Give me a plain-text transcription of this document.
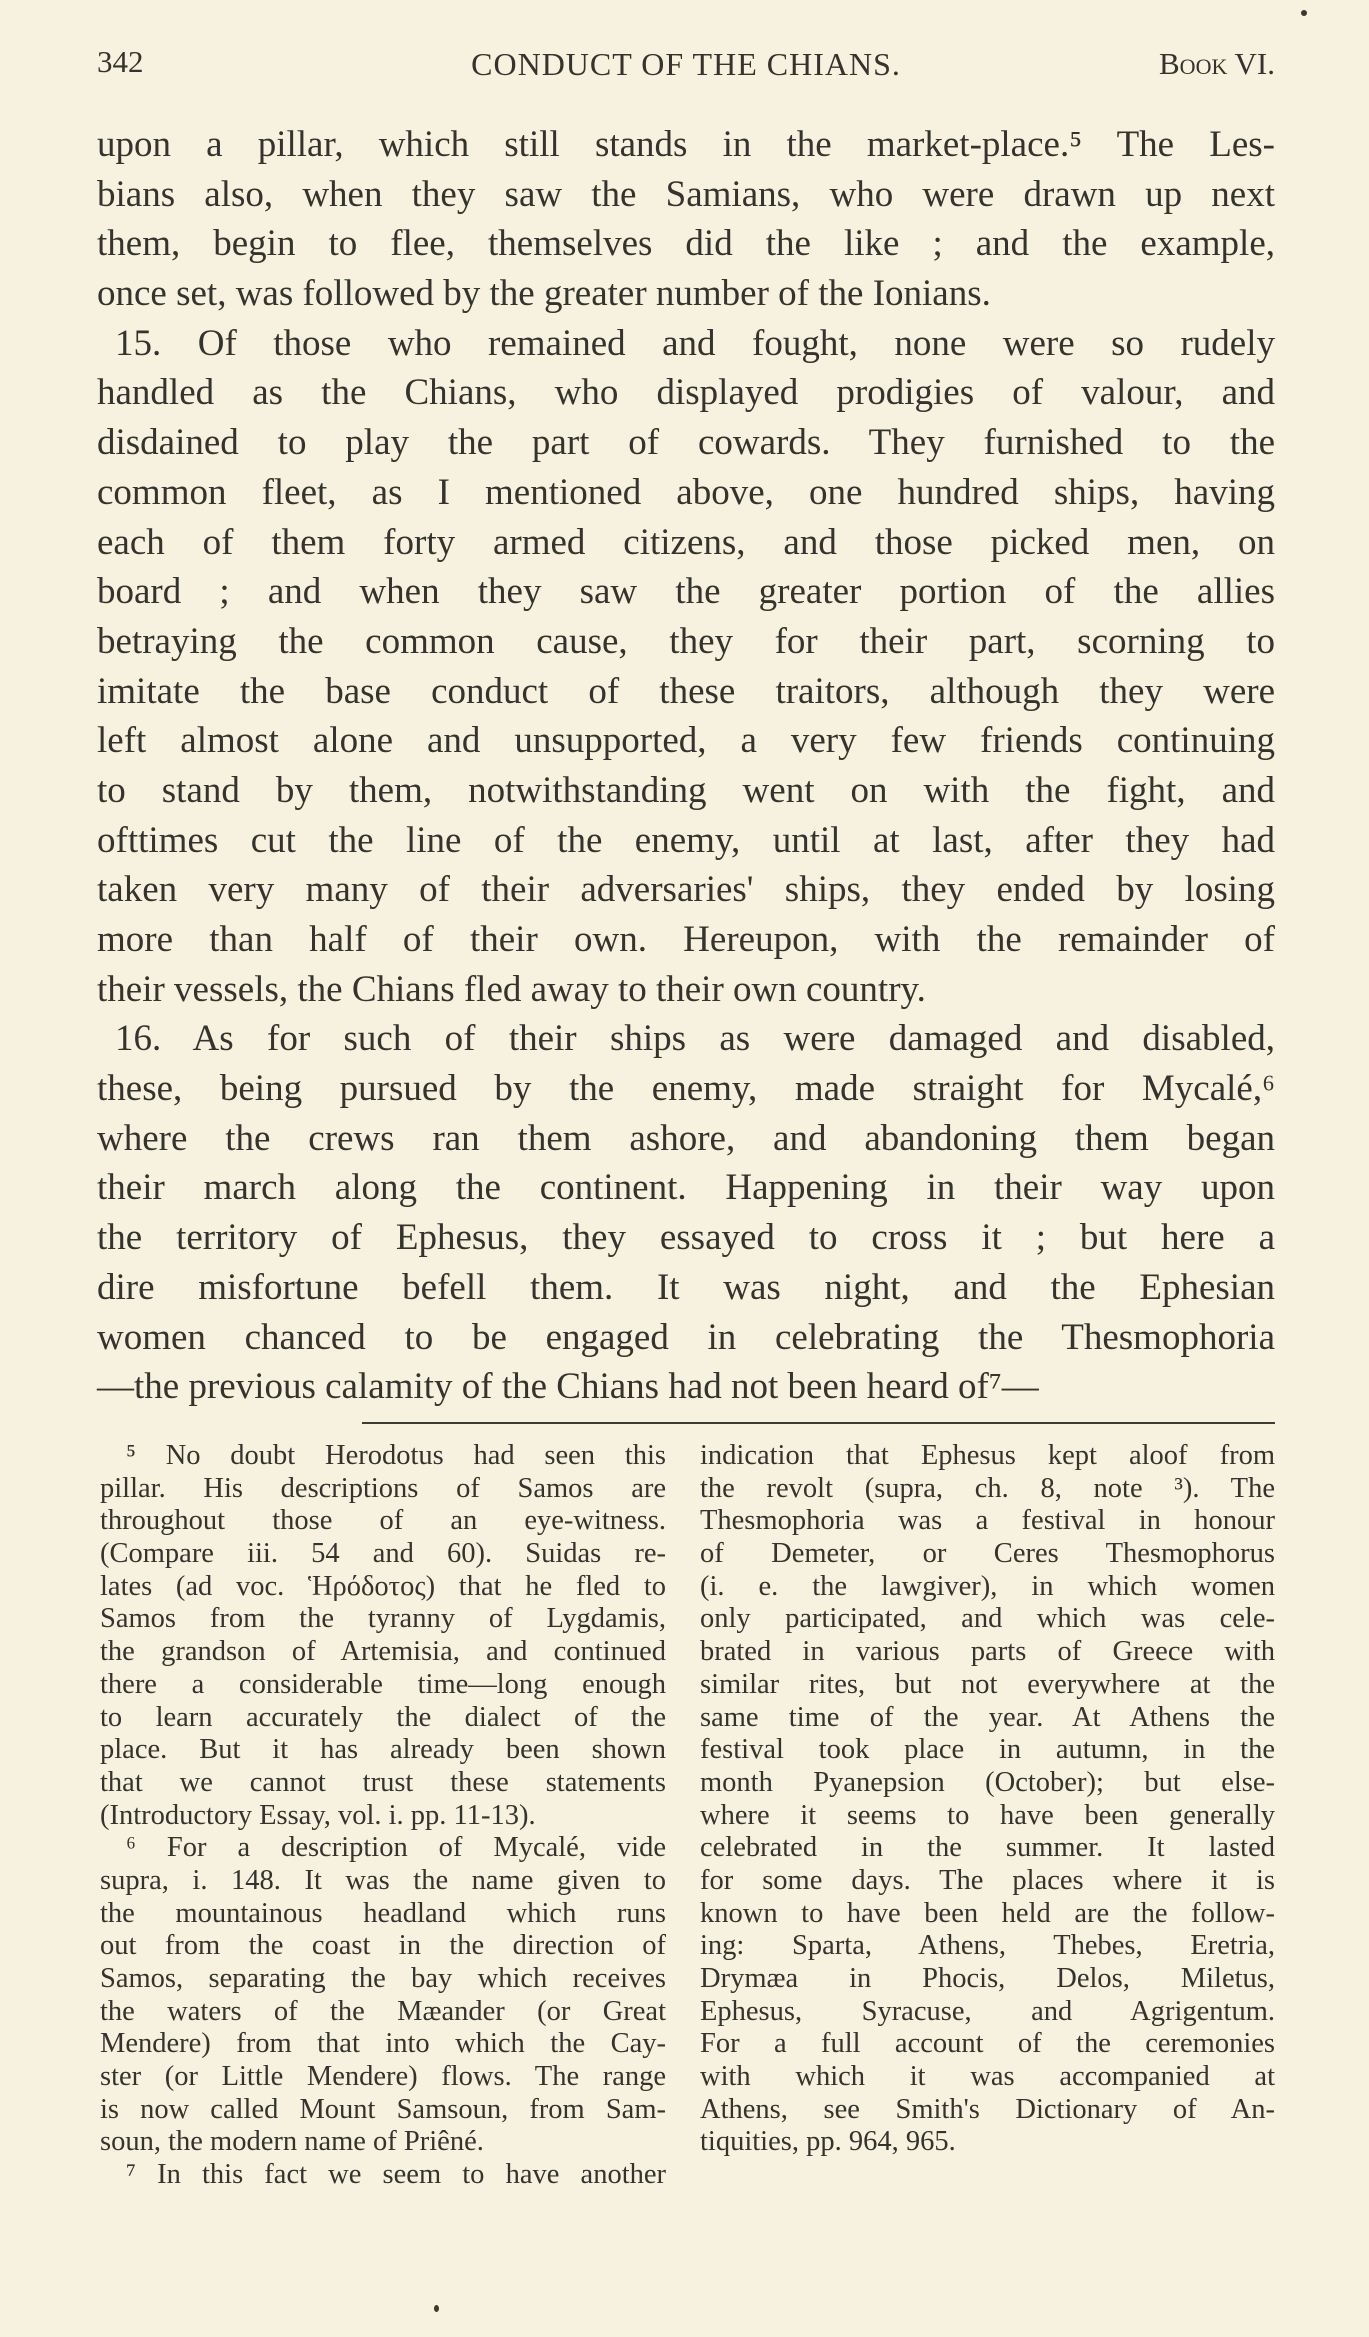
342	CONDUCT OF THE CHIANS.	Book VI.
upon a pillar, which still stands in the market-place.⁵ The Les-
bians also, when they saw the Samians, who were drawn up next
them, begin to flee, themselves did the like ; and the example,
once set, was followed by the greater number of the Ionians.
15. Of those who remained and fought, none were so rudely
handled as the Chians, who displayed prodigies of valour, and
disdained to play the part of cowards. They furnished to the
common fleet, as I mentioned above, one hundred ships, having
each of them forty armed citizens, and those picked men, on
board ; and when they saw the greater portion of the allies
betraying the common cause, they for their part, scorning to
imitate the base conduct of these traitors, although they were
left almost alone and unsupported, a very few friends continuing
to stand by them, notwithstanding went on with the fight, and
ofttimes cut the line of the enemy, until at last, after they had
taken very many of their adversaries' ships, they ended by losing
more than half of their own. Hereupon, with the remainder of
their vessels, the Chians fled away to their own country.
16. As for such of their ships as were damaged and disabled,
these, being pursued by the enemy, made straight for Mycalé,⁶
where the crews ran them ashore, and abandoning them began
their march along the continent. Happening in their way upon
the territory of Ephesus, they essayed to cross it ; but here a
dire misfortune befell them. It was night, and the Ephesian
women chanced to be engaged in celebrating the Thesmophoria
—the previous calamity of the Chians had not been heard of⁷—
⁵ No doubt Herodotus had seen this
pillar. His descriptions of Samos are
throughout those of an eye-witness.
(Compare iii. 54 and 60). Suidas re-
lates (ad voc. Ἡρόδοτος) that he fled to
Samos from the tyranny of Lygdamis,
the grandson of Artemisia, and continued
there a considerable time—long enough
to learn accurately the dialect of the
place. But it has already been shown
that we cannot trust these statements
(Introductory Essay, vol. i. pp. 11-13).
⁶ For a description of Mycalé, vide
supra, i. 148. It was the name given to
the mountainous headland which runs
out from the coast in the direction of
Samos, separating the bay which receives
the waters of the Mæander (or Great
Mendere) from that into which the Cay-
ster (or Little Mendere) flows. The range
is now called Mount Samsoun, from Sam-
soun, the modern name of Priêné.
⁷ In this fact we seem to have another
indication that Ephesus kept aloof from
the revolt (supra, ch. 8, note ³). The
Thesmophoria was a festival in honour
of Demeter, or Ceres Thesmophorus
(i. e. the lawgiver), in which women
only participated, and which was cele-
brated in various parts of Greece with
similar rites, but not everywhere at the
same time of the year. At Athens the
festival took place in autumn, in the
month Pyanepsion (October); but else-
where it seems to have been generally
celebrated in the summer. It lasted
for some days. The places where it is
known to have been held are the follow-
ing: Sparta, Athens, Thebes, Eretria,
Drymæa in Phocis, Delos, Miletus,
Ephesus, Syracuse, and Agrigentum.
For a full account of the ceremonies
with which it was accompanied at
Athens, see Smith's Dictionary of An-
tiquities, pp. 964, 965.
